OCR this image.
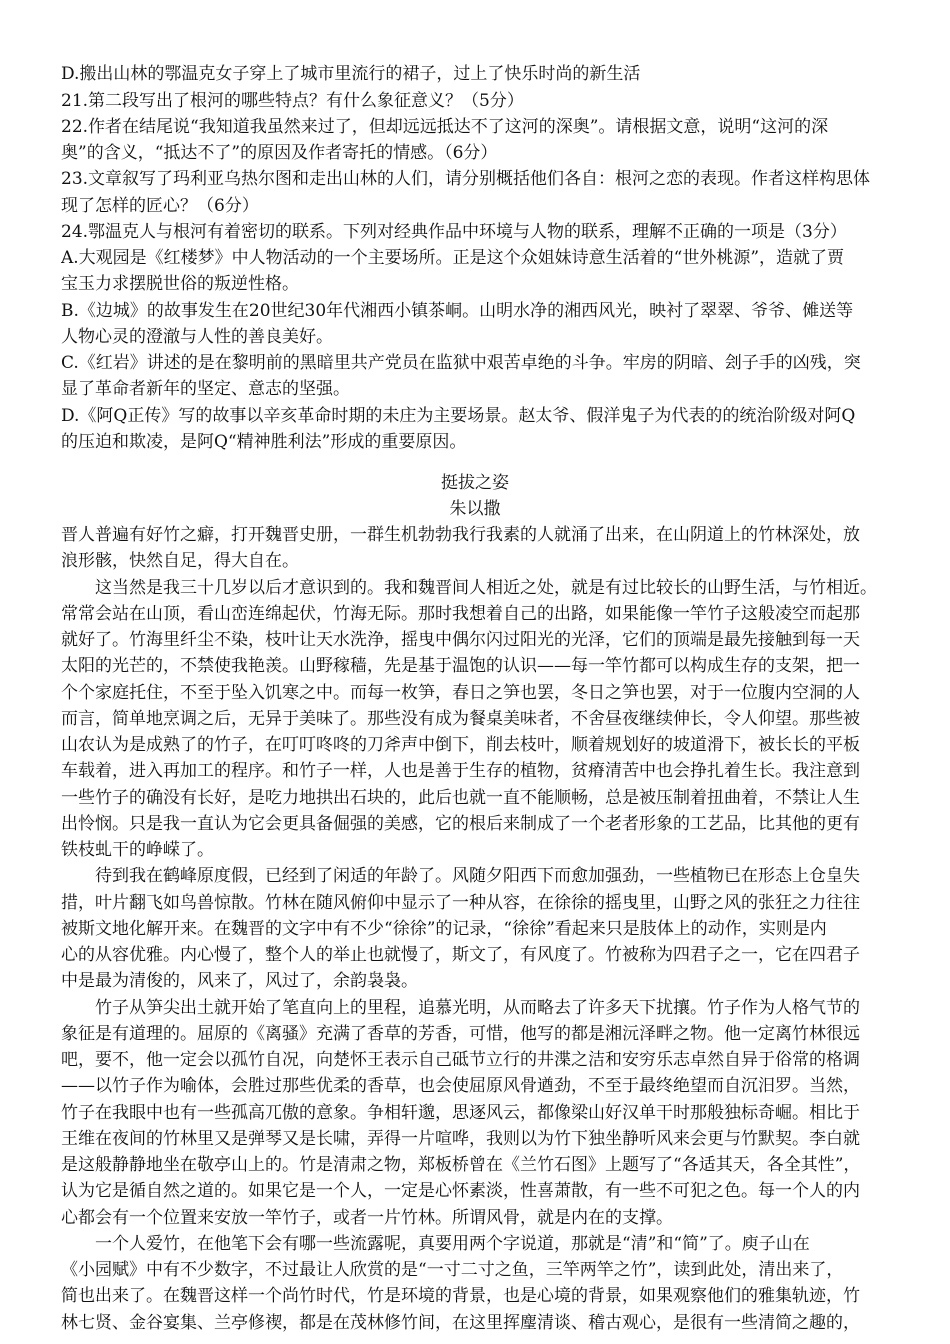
D.搬出山林的鄂温克女子穿上了城市里流行的裙子，过上了快乐时尚的新生活
21.第二段写出了根河的哪些特点？有什么象征意义？（5分）
22.作者在结尾说“我知道我虽然来过了，但却远远抵达不了这河的深奥”。请根据文意，说明“这河的深
奥”的含义，“抵达不了”的原因及作者寄托的情感。（6分）
23.文章叙写了玛利亚乌热尔图和走出山林的人们，请分别概括他们各自：根河之恋的表现。作者这样构思体
现了怎样的匠心？（6分）
24.鄂温克人与根河有着密切的联系。下列对经典作品中环境与人物的联系，理解不正确的一项是（3分）
A.大观园是《红楼梦》中人物活动的一个主要场所。正是这个众姐妹诗意生活着的“世外桃源”，造就了贾
宝玉力求摆脱世俗的叛逆性格。
B.《边城》的故事发生在20世纪30年代湘西小镇茶峒。山明水净的湘西风光，映衬了翠翠、爷爷、傩送等
人物心灵的澄澈与人性的善良美好。
C.《红岩》讲述的是在黎明前的黑暗里共产党员在监狱中艰苦卓绝的斗争。牢房的阴暗、刽子手的凶残，突
显了革命者新年的坚定、意志的坚强。
D.《阿Q正传》写的故事以辛亥革命时期的未庄为主要场景。赵太爷、假洋鬼子为代表的的统治阶级对阿Q
的压迫和欺凌，是阿Q“精神胜利法”形成的重要原因。
挺拔之姿
朱以撒
晋人普遍有好竹之癖，打开魏晋史册，一群生机勃勃我行我素的人就涌了出来，在山阴道上的竹林深处，放
浪形骸，快然自足，得大自在。
　　这当然是我三十几岁以后才意识到的。我和魏晋间人相近之处，就是有过比较长的山野生活，与竹相近。
常常会站在山顶，看山峦连绵起伏，竹海无际。那时我想着自己的出路，如果能像一竿竹子这般凌空而起那
就好了。竹海里纤尘不染，枝叶让天水洗浄，摇曳中偶尔闪过阳光的光泽，它们的顶端是最先接触到每一天
太阳的光芒的，不禁使我艳羡。山野稼穑，先是基于温饱的认识——每一竿竹都可以构成生存的支架，把一
个个家庭托住，不至于坠入饥寒之中。而每一枚笋，春日之笋也罢，冬日之笋也罢，对于一位腹内空洞的人
而言，简单地烹调之后，无异于美味了。那些没有成为餐桌美味者，不舍昼夜继续伸长，令人仰望。那些被
山农认为是成熟了的竹子，在叮叮咚咚的刀斧声中倒下，削去枝叶，顺着规划好的坡道滑下，被长长的平板
车载着，进入再加工的程序。和竹子一样，人也是善于生存的植物，贫瘠清苦中也会挣扎着生长。我注意到
一些竹子的确没有长好，是吃力地拱出石块的，此后也就一直不能顺畅，总是被压制着扭曲着，不禁让人生
出怜悯。只是我一直认为它会更具备倔强的美感，它的根后来制成了一个老者形象的工艺品，比其他的更有
铁枝虬干的峥嵘了。
　　待到我在鹤峰原度假，已经到了闲适的年龄了。风随夕阳西下而愈加强劲，一些植物已在形态上仓皇失
措，叶片翻飞如鸟兽惊散。竹林在随风俯仰中显示了一种从容，在徐徐的摇曳里，山野之风的张狂之力往往
被斯文地化解开来。在魏晋的文字中有不少“徐徐”的记录，“徐徐”看起来只是肢体上的动作，实则是内
心的从容优雅。内心慢了，整个人的举止也就慢了，斯文了，有风度了。竹被称为四君子之一，它在四君子
中是最为清俊的，风来了，风过了，余韵袅袅。
　　竹子从笋尖出土就开始了笔直向上的里程，追慕光明，从而略去了许多天下扰攘。竹子作为人格气节的
象征是有道理的。屈原的《离骚》充满了香草的芳香，可惜，他写的都是湘沅泽畔之物。他一定离竹林很远
吧，要不，他一定会以孤竹自况，向楚怀王表示自己砥节立行的井渫之洁和安穷乐志卓然自异于俗常的格调
——以竹子作为喻体，会胜过那些优柔的香草，也会使屈原风骨遒劲，不至于最终绝望而自沉汨罗。当然，
竹子在我眼中也有一些孤高兀傲的意象。争相轩邈，思逐风云，都像梁山好汉单干时那般独标奇崛。相比于
王维在夜间的竹林里又是弹琴又是长啸，弄得一片喧哗，我则以为竹下独坐静听风来会更与竹默契。李白就
是这般静静地坐在敬亭山上的。竹是清肃之物，郑板桥曾在《兰竹石图》上题写了“各适其天，各全其性”，
认为它是循自然之道的。如果它是一个人，一定是心怀素淡，性喜萧散，有一些不可犯之色。每一个人的内
心都会有一个位置来安放一竿竹子，或者一片竹林。所谓风骨，就是内在的支撑。
　　一个人爱竹，在他笔下会有哪一些流露呢，真要用两个字说道，那就是“清”和“简”了。庾子山在
《小园赋》中有不少数字，不过最让人欣赏的是“一寸二寸之鱼，三竿两竿之竹”，读到此处，清出来了，
简也出来了。在魏晋这样一个尚竹时代，竹是环境的背景，也是心境的背景，如果观察他们的雅集轨迹，竹
林七贤、金谷宴集、兰亭修禊，都是在茂林修竹间，在这里挥麈清谈、稽古观心，是很有一些清简之趣的，
